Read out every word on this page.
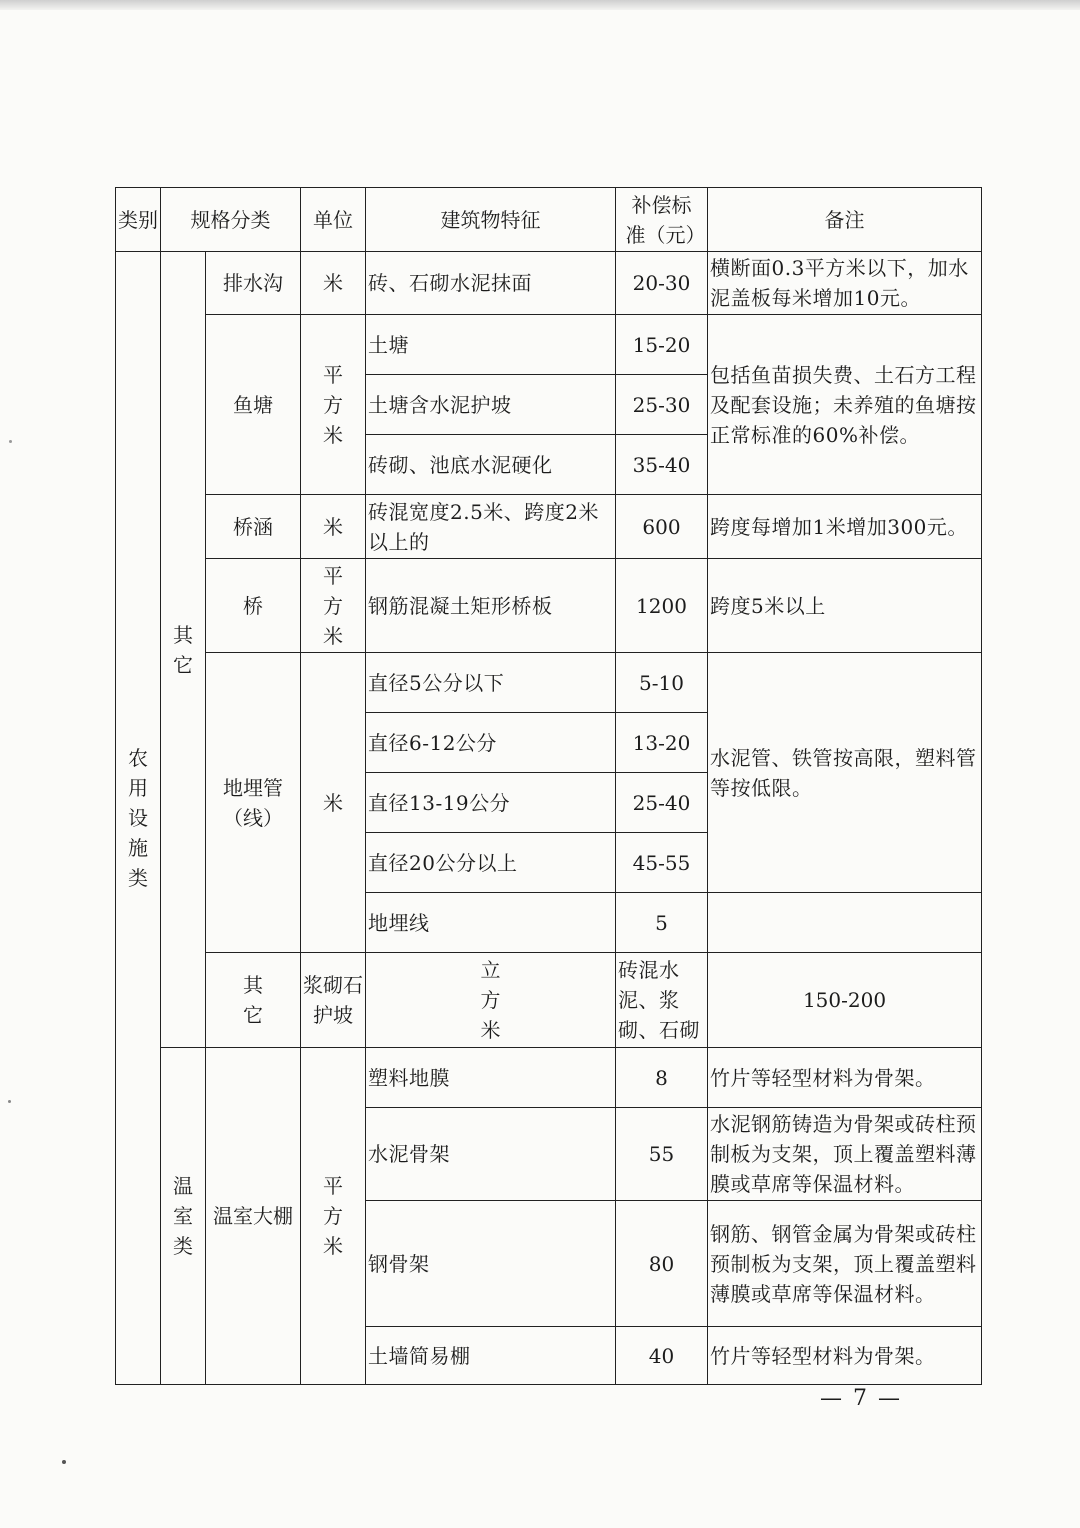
类别	规格分类		单位	建筑物特征	补偿标准（元）	备注	
农用设施类	其它	排水沟	米	砖、石砌水泥抹面	20-30	横断面0.3平方米以下，加水泥盖板每米增加10元。	
		鱼塘	平方米	土塘	15-20	包括鱼苗损失费、土石方工程及配套设施；未养殖的鱼塘按正常标准的60%补偿。	
				土塘含水泥护坡	25-30		
				砖砌、池底水泥硬化	35-40		
		桥涵	米	砖混宽度2.5米、跨度2米以上的	600	跨度每增加1米增加300元。	
		桥	平方米	钢筋混凝土矩形桥板	1200	跨度5米以上	
		地埋管（线）	米	直径5公分以下	5-10	水泥管、铁管按高限，塑料管等按低限。	
				直径6-12公分	13-20		
				直径13-19公分	25-40		
				直径20公分以上	45-55		
				地埋线	5		
		其它	浆砌石护坡	立方米	砖混水泥、浆砌、石砌	150-200	
	温室类	温室大棚	平方米	塑料地膜	8	竹片等轻型材料为骨架。	
				水泥骨架	55	水泥钢筋铸造为骨架或砖柱预制板为支架，顶上覆盖塑料薄膜或草席等保温材料。	
				钢骨架	80	钢筋、钢管金属为骨架或砖柱预制板为支架，顶上覆盖塑料薄膜或草席等保温材料。	
				土墙简易棚	40	竹片等轻型材料为骨架。	
— 7 —
